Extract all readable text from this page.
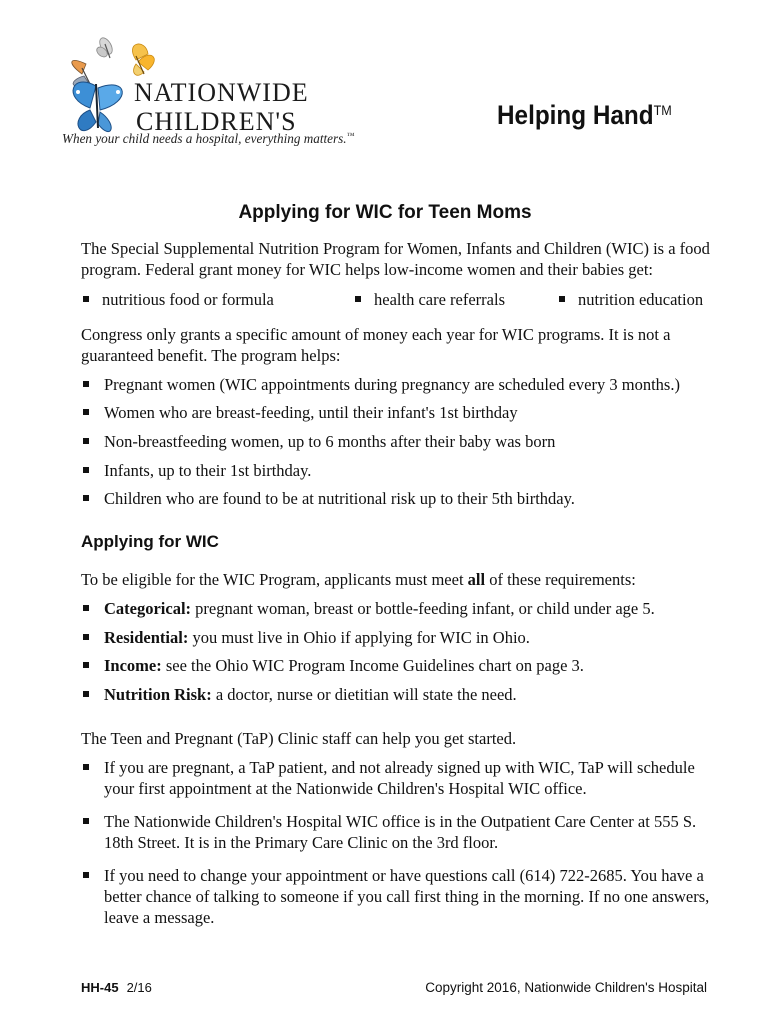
NATIONWIDE
CHILDREN'S
When your child needs a hospital, everything matters.™
Helping Hand™
Applying for WIC for Teen Moms
The Special Supplemental Nutrition Program for Women, Infants and Children (WIC) is a food program. Federal grant money for WIC helps low-income women and their babies get:
nutritious food or formula	health care referrals	nutrition education
Congress only grants a specific amount of money each year for WIC programs. It is not a guaranteed benefit. The program helps:
Pregnant women (WIC appointments during pregnancy are scheduled every 3 months.)
Women who are breast-feeding, until their infant's 1st birthday
Non-breastfeeding women, up to 6 months after their baby was born
Infants, up to their 1st birthday.
Children who are found to be at nutritional risk up to their 5th birthday.
Applying for WIC
To be eligible for the WIC Program, applicants must meet all of these requirements:
Categorical: pregnant woman, breast or bottle-feeding infant, or child under age 5.
Residential: you must live in Ohio if applying for WIC in Ohio.
Income: see the Ohio WIC Program Income Guidelines chart on page 3.
Nutrition Risk: a doctor, nurse or dietitian will state the need.
The Teen and Pregnant (TaP) Clinic staff can help you get started.
If you are pregnant, a TaP patient, and not already signed up with WIC, TaP will schedule your first appointment at the Nationwide Children's Hospital WIC office.
The Nationwide Children's Hospital WIC office is in the Outpatient Care Center at 555 S. 18th Street. It is in the Primary Care Clinic on the 3rd floor.
If you need to change your appointment or have questions call (614) 722-2685. You have a better chance of talking to someone if you call first thing in the morning. If no one answers, leave a message.
HH-45 2/16	Copyright 2016, Nationwide Children's Hospital
